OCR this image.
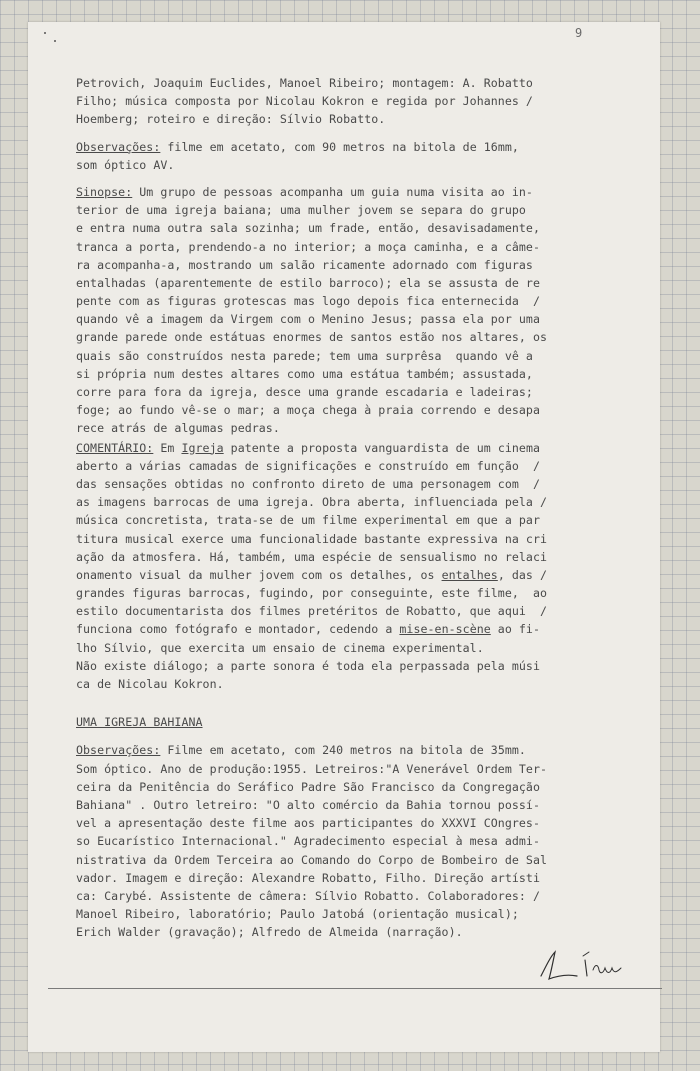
9
Petrovich, Joaquim Euclides, Manoel Ribeiro; montagem: A. Robatto
Filho; música composta por Nicolau Kokron e regida por Johannes /
Hoemberg; roteiro e direção: Sílvio Robatto.
Observações: filme em acetato, com 90 metros na bitola de 16mm,
som óptico AV.
Sinopse: Um grupo de pessoas acompanha um guia numa visita ao in-
terior de uma igreja baiana; uma mulher jovem se separa do grupo
e entra numa outra sala sozinha; um frade, então, desavisadamente,
tranca a porta, prendendo-a no interior; a moça caminha, e a câme-
ra acompanha-a, mostrando um salão ricamente adornado com figuras
entalhadas (aparentemente de estilo barroco); ela se assusta de re
pente com as figuras grotescas mas logo depois fica enternecida  /
quando vê a imagem da Virgem com o Menino Jesus; passa ela por uma
grande parede onde estátuas enormes de santos estão nos altares, os
quais são construídos nesta parede; tem uma surprêsa  quando vê a
si própria num destes altares como uma estátua também; assustada,
corre para fora da igreja, desce uma grande escadaria e ladeiras;
foge; ao fundo vê-se o mar; a moça chega à praia correndo e desapa
rece atrás de algumas pedras.
COMENTÁRIO: Em Igreja patente a proposta vanguardista de um cinema
aberto a várias camadas de significações e construído em função  /
das sensações obtidas no confronto direto de uma personagem com  /
as imagens barrocas de uma igreja. Obra aberta, influenciada pela /
música concretista, trata-se de um filme experimental em que a par
titura musical exerce uma funcionalidade bastante expressiva na cri
ação da atmosfera. Há, também, uma espécie de sensualismo no relaci
onamento visual da mulher jovem com os detalhes, os entalhes, das /
grandes figuras barrocas, fugindo, por conseguinte, este filme,  ao
estilo documentarista dos filmes pretéritos de Robatto, que aqui  /
funciona como fotógrafo e montador, cedendo a mise-en-scène ao fi-
lho Sílvio, que exercita um ensaio de cinema experimental.
Não existe diálogo; a parte sonora é toda ela perpassada pela músi
ca de Nicolau Kokron.
UMA IGREJA BAHIANA
Observações: Filme em acetato, com 240 metros na bitola de 35mm.
Som óptico. Ano de produção:1955. Letreiros:"A Venerável Ordem Ter-
ceira da Penitência do Seráfico Padre São Francisco da Congregação
Bahiana" . Outro letreiro: "O alto comércio da Bahia tornou possí-
vel a apresentação deste filme aos participantes do XXXVI COngres-
so Eucarístico Internacional." Agradecimento especial à mesa admi-
nistrativa da Ordem Terceira ao Comando do Corpo de Bombeiro de Sal
vador. Imagem e direção: Alexandre Robatto, Filho. Direção artísti
ca: Carybé. Assistente de câmera: Sílvio Robatto. Colaboradores: /
Manoel Ribeiro, laboratório; Paulo Jatobá (orientação musical);
Erich Walder (gravação); Alfredo de Almeida (narração).
